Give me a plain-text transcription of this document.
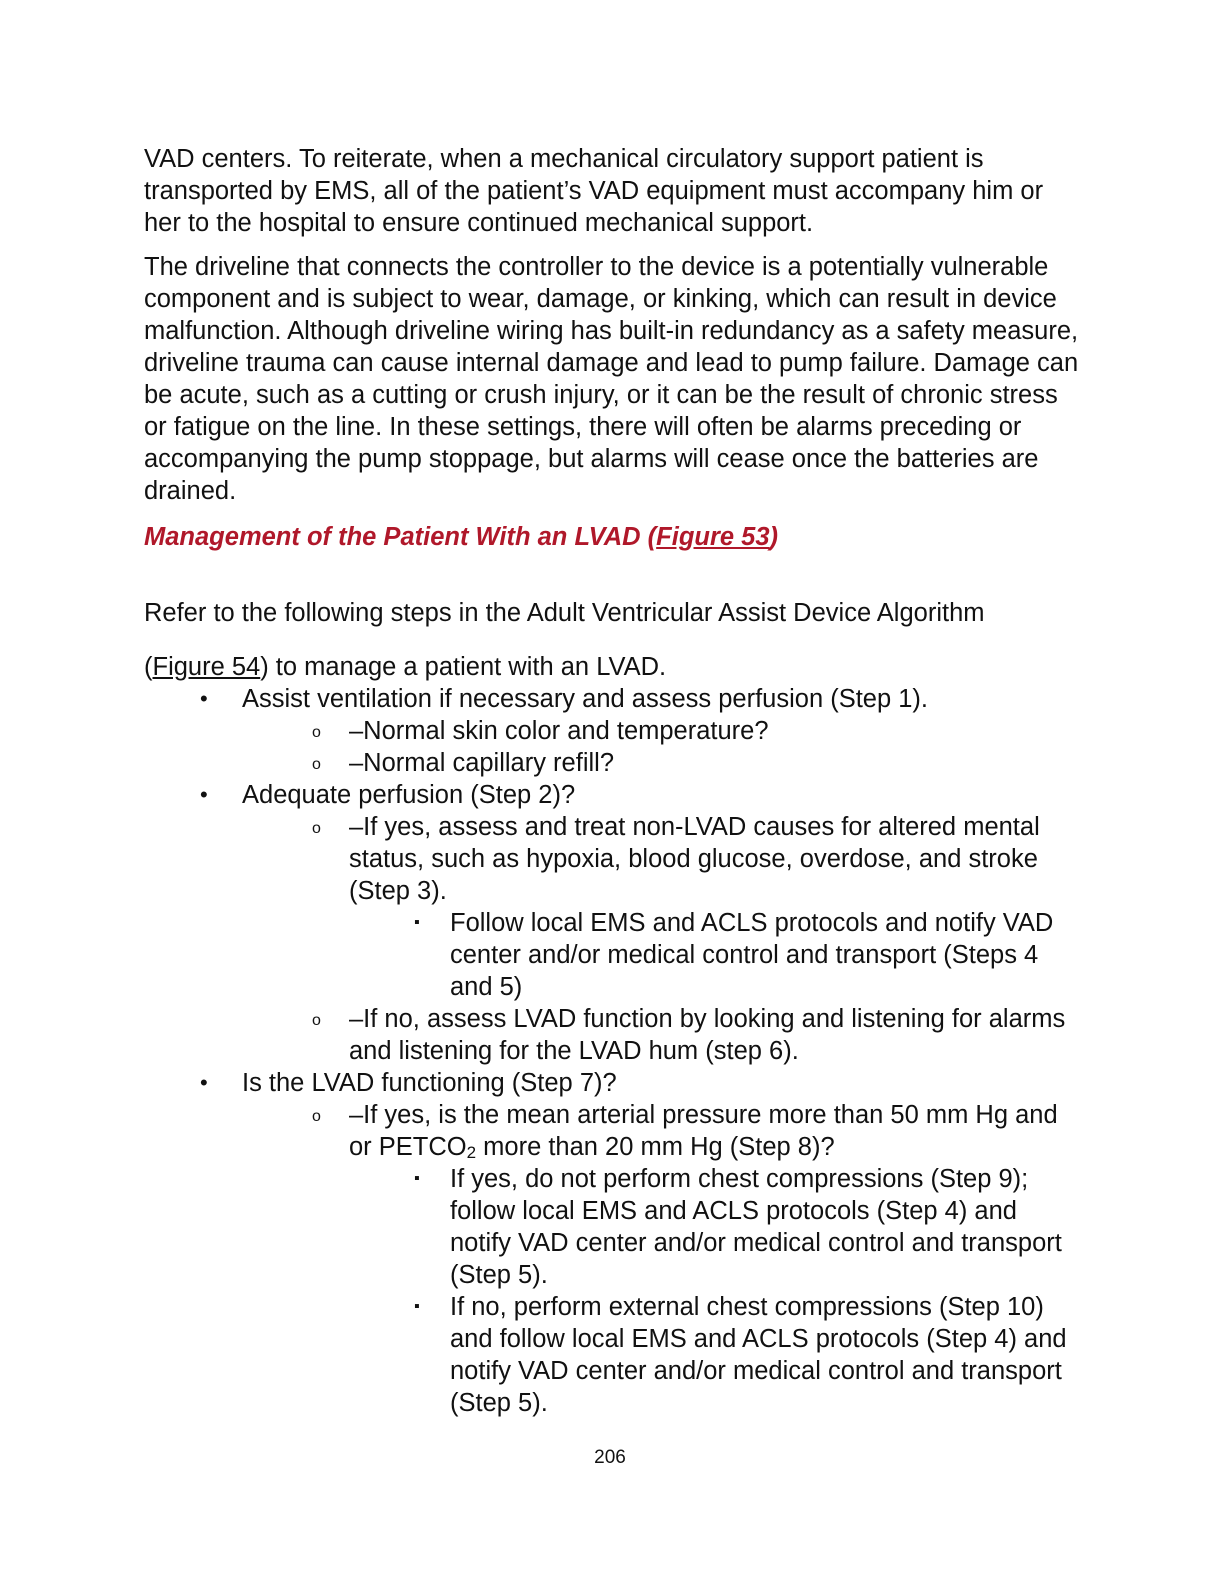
VAD centers. To reiterate, when a mechanical circulatory support patient is transported by EMS, all of the patient’s VAD equipment must accompany him or her to the hospital to ensure continued mechanical support.

The driveline that connects the controller to the device is a potentially vulnerable component and is subject to wear, damage, or kinking, which can result in device malfunction. Although driveline wiring has built-in redundancy as a safety measure, driveline trauma can cause internal damage and lead to pump failure. Damage can be acute, such as a cutting or crush injury, or it can be the result of chronic stress or fatigue on the line. In these settings, there will often be alarms preceding or accompanying the pump stoppage, but alarms will cease once the batteries are drained.

Management of the Patient With an LVAD (Figure 53)

Refer to the following steps in the Adult Ventricular Assist Device Algorithm

(Figure 54) to manage a patient with an LVAD.

• Assist ventilation if necessary and assess perfusion (Step 1).
o –Normal skin color and temperature?
o –Normal capillary refill?
• Adequate perfusion (Step 2)?
o –If yes, assess and treat non-LVAD causes for altered mental status, such as hypoxia, blood glucose, overdose, and stroke (Step 3).
▪ Follow local EMS and ACLS protocols and notify VAD center and/or medical control and transport (Steps 4 and 5)
o –If no, assess LVAD function by looking and listening for alarms and listening for the LVAD hum (step 6).
• Is the LVAD functioning (Step 7)?
o –If yes, is the mean arterial pressure more than 50 mm Hg and or $PETCO_2$ more than 20 mm Hg (Step 8)?
▪ If yes, do not perform chest compressions (Step 9); follow local EMS and ACLS protocols (Step 4) and notify VAD center and/or medical control and transport (Step 5).
▪ If no, perform external chest compressions (Step 10) and follow local EMS and ACLS protocols (Step 4) and notify VAD center and/or medical control and transport (Step 5).
206
